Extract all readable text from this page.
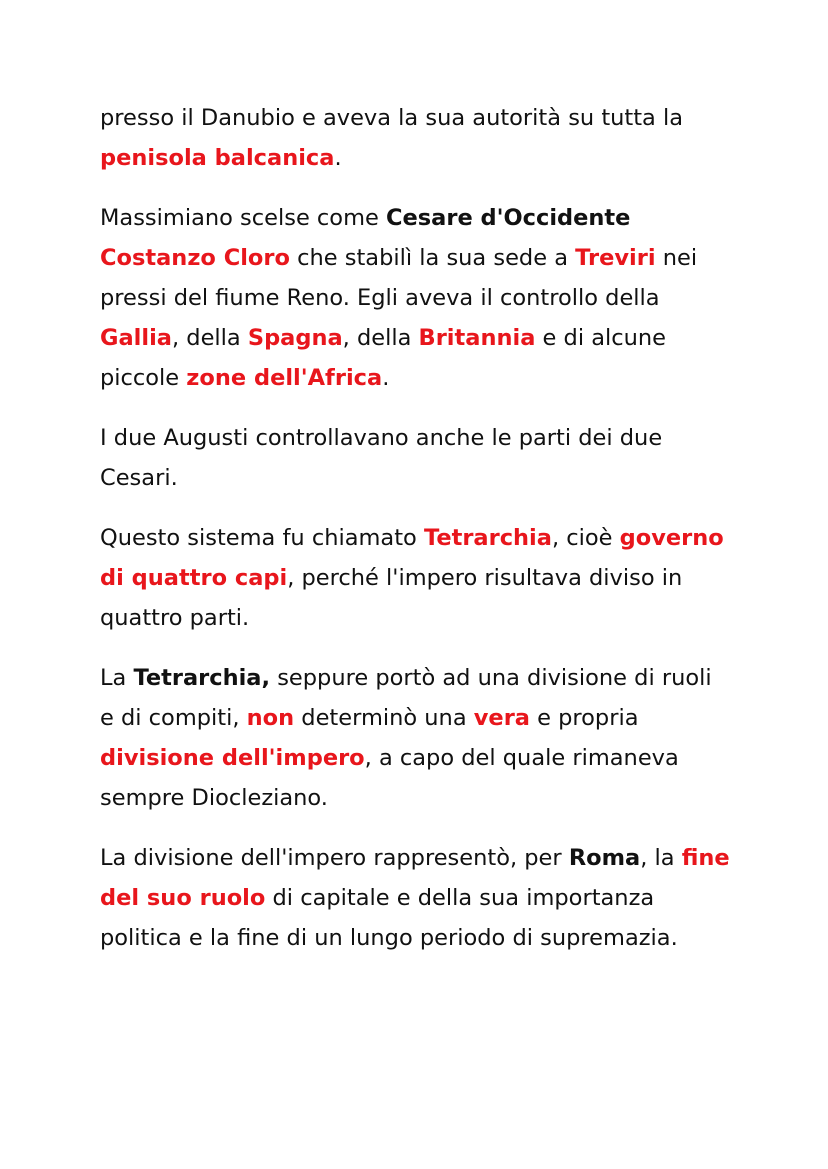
presso il Danubio e aveva la sua autorità su tutta la penisola balcanica.

Massimiano scelse come Cesare d'Occidente Costanzo Cloro che stabilì la sua sede a Treviri nei pressi del fiume Reno. Egli aveva il controllo della Gallia, della Spagna, della Britannia e di alcune piccole zone dell'Africa.

I due Augusti controllavano anche le parti dei due Cesari.

Questo sistema fu chiamato Tetrarchia, cioè governo di quattro capi, perché l'impero risultava diviso in quattro parti.

La Tetrarchia, seppure portò ad una divisione di ruoli e di compiti, non determinò una vera e propria divisione dell'impero, a capo del quale rimaneva sempre Diocleziano.

La divisione dell'impero rappresentò, per Roma, la fine del suo ruolo di capitale e della sua importanza politica e la fine di un lungo periodo di supremazia.
